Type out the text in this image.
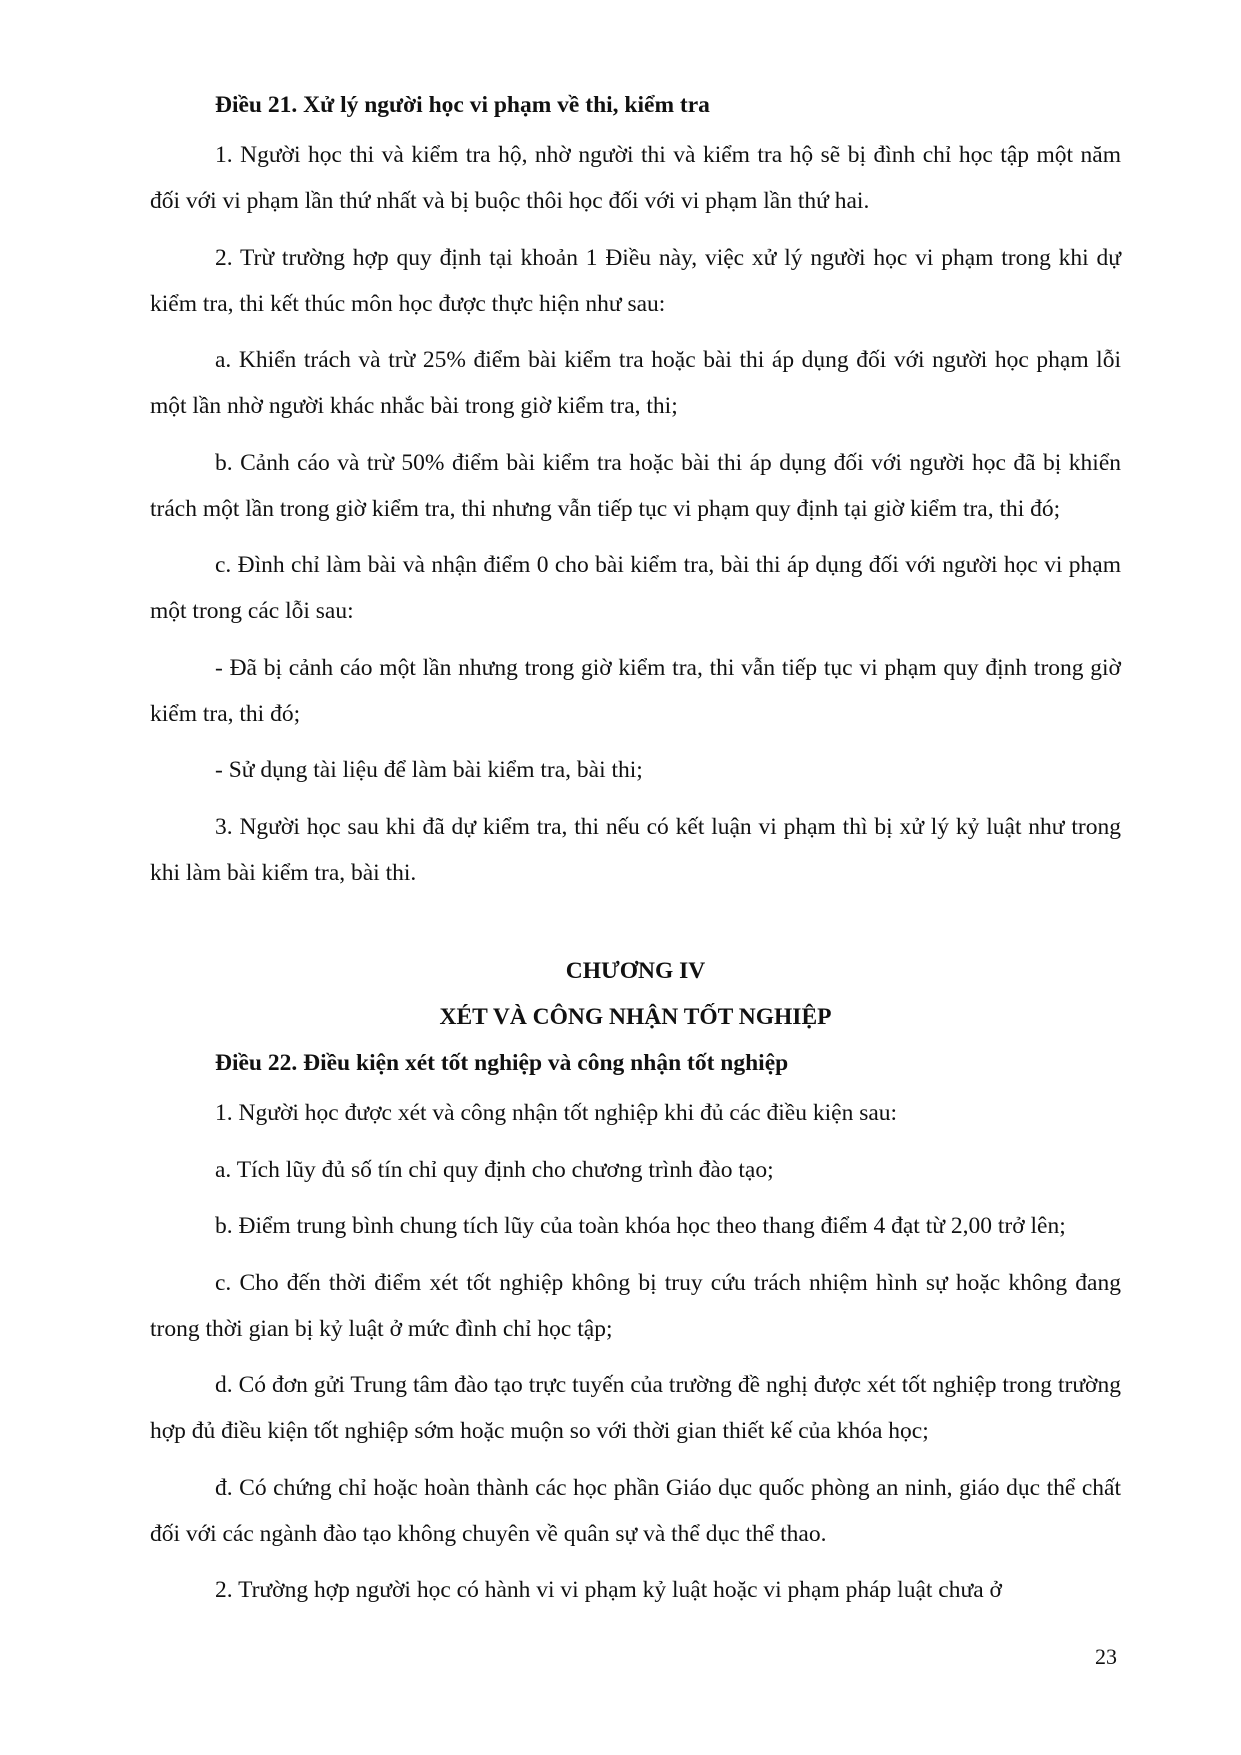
Điều 21. Xử lý người học vi phạm về thi, kiểm tra

1. Người học thi và kiểm tra hộ, nhờ người thi và kiểm tra hộ sẽ bị đình chỉ học tập một năm đối với vi phạm lần thứ nhất và bị buộc thôi học đối với vi phạm lần thứ hai.

2. Trừ trường hợp quy định tại khoản 1 Điều này, việc xử lý người học vi phạm trong khi dự kiểm tra, thi kết thúc môn học được thực hiện như sau:

a. Khiển trách và trừ 25% điểm bài kiểm tra hoặc bài thi áp dụng đối với người học phạm lỗi một lần nhờ người khác nhắc bài trong giờ kiểm tra, thi;

b. Cảnh cáo và trừ 50% điểm bài kiểm tra hoặc bài thi áp dụng đối với người học đã bị khiển trách một lần trong giờ kiểm tra, thi nhưng vẫn tiếp tục vi phạm quy định tại giờ kiểm tra, thi đó;

c. Đình chỉ làm bài và nhận điểm 0 cho bài kiểm tra, bài thi áp dụng đối với người học vi phạm một trong các lỗi sau:

- Đã bị cảnh cáo một lần nhưng trong giờ kiểm tra, thi vẫn tiếp tục vi phạm quy định trong giờ kiểm tra, thi đó;

- Sử dụng tài liệu để làm bài kiểm tra, bài thi;

3. Người học sau khi đã dự kiểm tra, thi nếu có kết luận vi phạm thì bị xử lý kỷ luật như trong khi làm bài kiểm tra, bài thi.

CHƯƠNG IV

XÉT VÀ CÔNG NHẬN TỐT NGHIỆP

Điều 22. Điều kiện xét tốt nghiệp và công nhận tốt nghiệp

1. Người học được xét và công nhận tốt nghiệp khi đủ các điều kiện sau:

a. Tích lũy đủ số tín chỉ quy định cho chương trình đào tạo;

b. Điểm trung bình chung tích lũy của toàn khóa học theo thang điểm 4 đạt từ 2,00 trở lên;

c. Cho đến thời điểm xét tốt nghiệp không bị truy cứu trách nhiệm hình sự hoặc không đang trong thời gian bị kỷ luật ở mức đình chỉ học tập;

d. Có đơn gửi Trung tâm đào tạo trực tuyến của trường đề nghị được xét tốt nghiệp trong trường hợp đủ điều kiện tốt nghiệp sớm hoặc muộn so với thời gian thiết kế của khóa học;

đ. Có chứng chỉ hoặc hoàn thành các học phần Giáo dục quốc phòng an ninh, giáo dục thể chất đối với các ngành đào tạo không chuyên về quân sự và thể dục thể thao.

2. Trường hợp người học có hành vi vi phạm kỷ luật hoặc vi phạm pháp luật chưa ở

23
